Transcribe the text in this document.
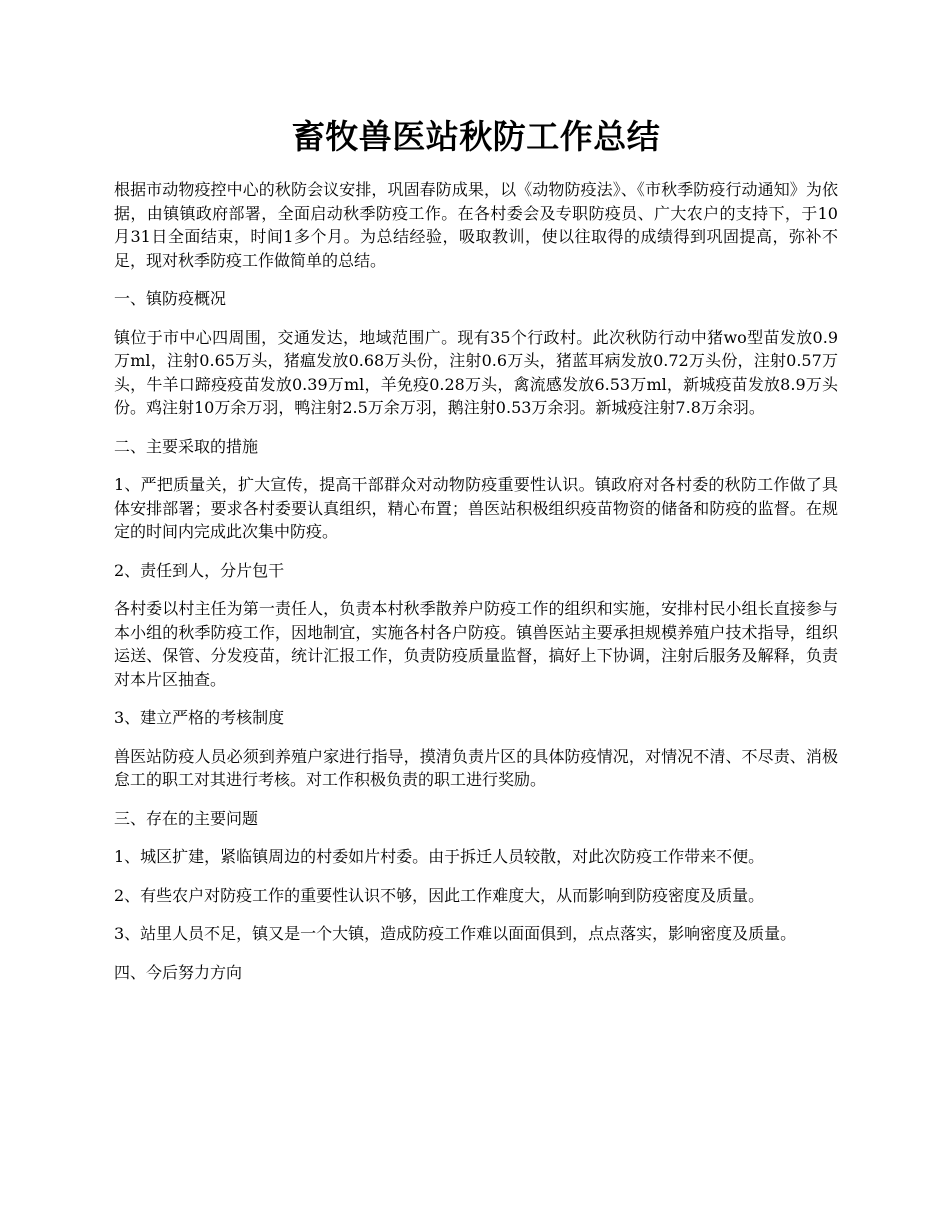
畜牧兽医站秋防工作总结

根据市动物疫控中心的秋防会议安排，巩固春防成果，以《动物防疫法》、《市秋季防疫行动通知》为依据，由镇镇政府部署，全面启动秋季防疫工作。在各村委会及专职防疫员、广大农户的支持下，于10月31日全面结束，时间1多个月。为总结经验，吸取教训，使以往取得的成绩得到巩固提高，弥补不足，现对秋季防疫工作做简单的总结。

一、镇防疫概况

镇位于市中心四周围，交通发达，地域范围广。现有35个行政村。此次秋防行动中猪wo型苗发放0.9万ml，注射0.65万头，猪瘟发放0.68万头份，注射0.6万头，猪蓝耳病发放0.72万头份，注射0.57万头，牛羊口蹄疫疫苗发放0.39万ml，羊免疫0.28万头，禽流感发放6.53万ml，新城疫苗发放8.9万头份。鸡注射10万余万羽，鸭注射2.5万余万羽，鹅注射0.53万余羽。新城疫注射7.8万余羽。

二、主要采取的措施

1、严把质量关，扩大宣传，提高干部群众对动物防疫重要性认识。镇政府对各村委的秋防工作做了具体安排部署；要求各村委要认真组织，精心布置；兽医站积极组织疫苗物资的储备和防疫的监督。在规定的时间内完成此次集中防疫。

2、责任到人，分片包干

各村委以村主任为第一责任人，负责本村秋季散养户防疫工作的组织和实施，安排村民小组长直接参与本小组的秋季防疫工作，因地制宜，实施各村各户防疫。镇兽医站主要承担规模养殖户技术指导，组织运送、保管、分发疫苗，统计汇报工作，负责防疫质量监督，搞好上下协调，注射后服务及解释，负责对本片区抽查。

3、建立严格的考核制度

兽医站防疫人员必须到养殖户家进行指导，摸清负责片区的具体防疫情况，对情况不清、不尽责、消极怠工的职工对其进行考核。对工作积极负责的职工进行奖励。

三、存在的主要问题

1、城区扩建，紧临镇周边的村委如片村委。由于拆迁人员较散，对此次防疫工作带来不便。

2、有些农户对防疫工作的重要性认识不够，因此工作难度大，从而影响到防疫密度及质量。

3、站里人员不足，镇又是一个大镇，造成防疫工作难以面面俱到，点点落实，影响密度及质量。

四、今后努力方向
